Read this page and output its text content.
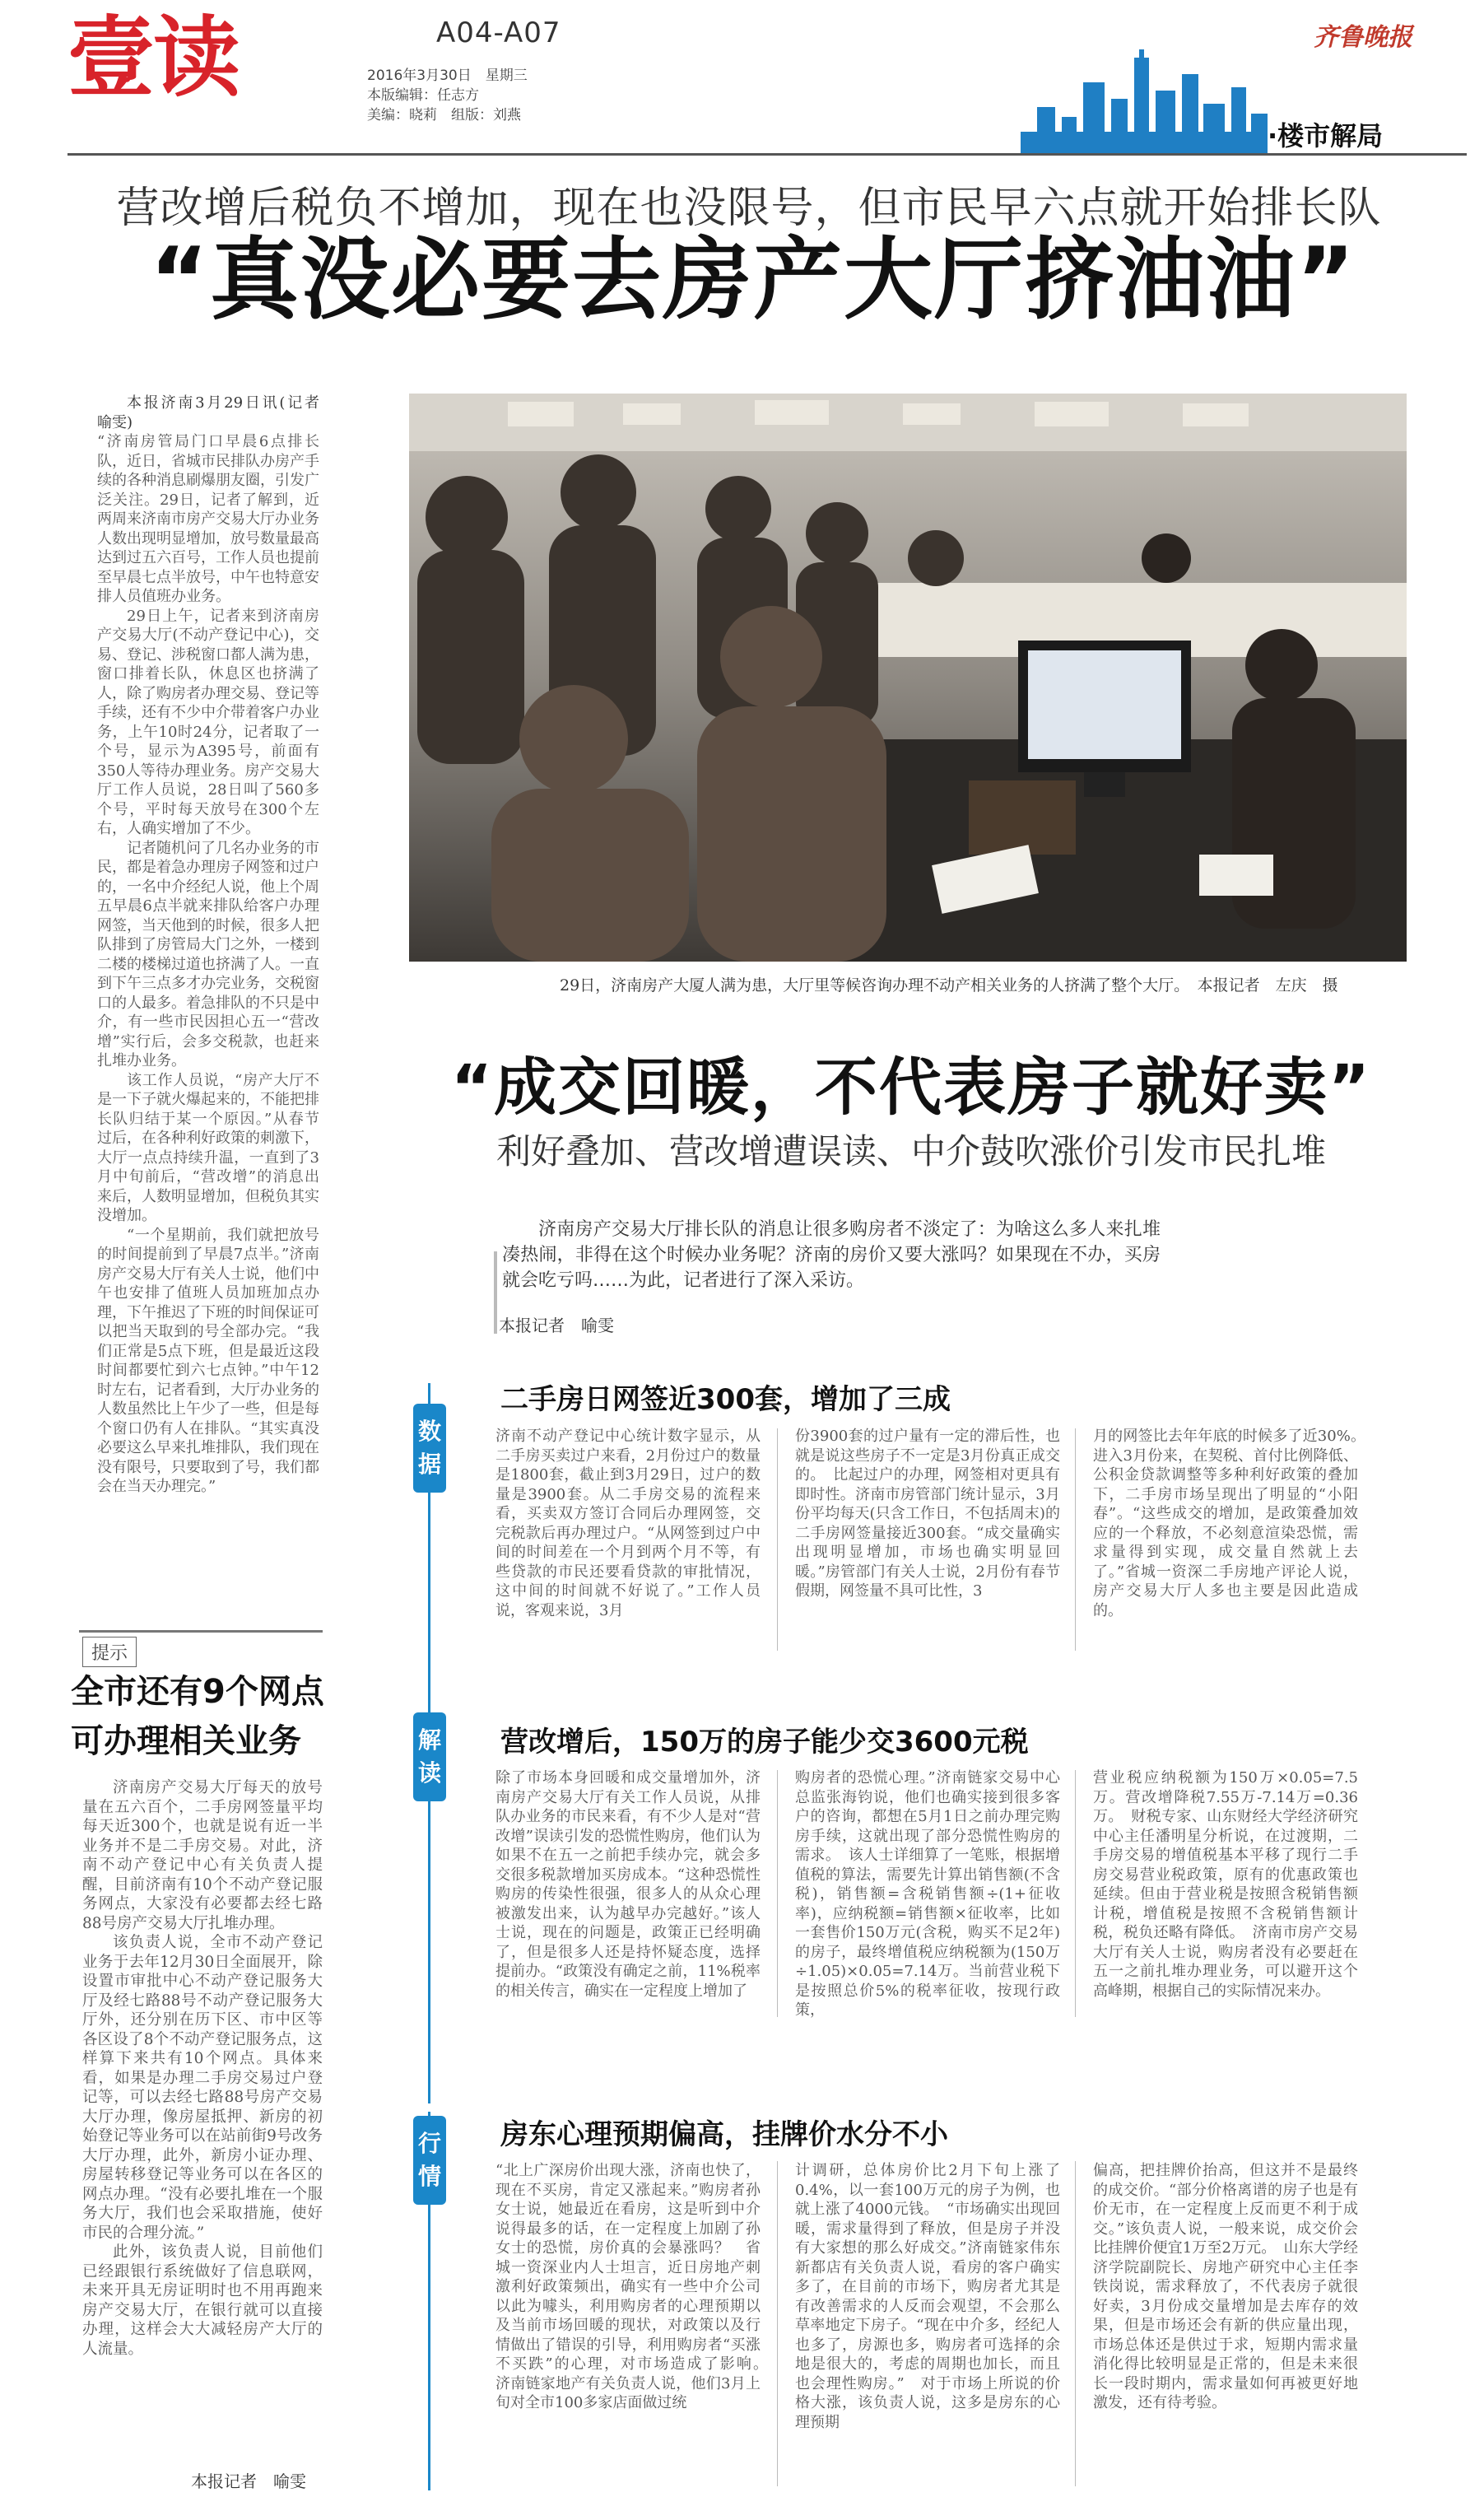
壹读	A04-A07
2016年3月30日　星期三
本版编辑：任志方
美编：晓莉　组版：刘燕
齐鲁晚报
·楼市解局
营改增后税负不增加，现在也没限号，但市民早六点就开始排长队
“真没必要去房产大厅挤油油”

本报济南3月29日讯(记者　喻雯)

“济南房管局门口早晨6点排长队，近日，省城市民排队办房产手续的各种消息刷爆朋友圈，引发广泛关注。29日，记者了解到，近两周来济南市房产交易大厅办业务人数出现明显增加，放号数量最高达到过五六百号，工作人员也提前至早晨七点半放号，中午也特意安排人员值班办业务。

29日上午，记者来到济南房产交易大厅(不动产登记中心)，交易、登记、涉税窗口都人满为患，窗口排着长队，休息区也挤满了人，除了购房者办理交易、登记等手续，还有不少中介带着客户办业务，上午10时24分，记者取了一个号，显示为A395号，前面有350人等待办理业务。房产交易大厅工作人员说，28日叫了560多个号，平时每天放号在300个左右，人确实增加了不少。

记者随机问了几名办业务的市民，都是着急办理房子网签和过户的，一名中介经纪人说，他上个周五早晨6点半就来排队给客户办理网签，当天他到的时候，很多人把队排到了房管局大门之外，一楼到二楼的楼梯过道也挤满了人。一直到下午三点多才办完业务，交税窗口的人最多。着急排队的不只是中介，有一些市民因担心五一“营改增”实行后，会多交税款，也赶来扎堆办业务。

该工作人员说，“房产大厅不是一下子就火爆起来的，不能把排长队归结于某一个原因。”从春节过后，在各种利好政策的刺激下，大厅一点点持续升温，一直到了3月中旬前后，“营改增”的消息出来后，人数明显增加，但税负其实没增加。

“一个星期前，我们就把放号的时间提前到了早晨7点半。”济南房产交易大厅有关人士说，他们中午也安排了值班人员加班加点办理，下午推迟了下班的时间保证可以把当天取到的号全部办完。“我们正常是5点下班，但是最近这段时间都要忙到六七点钟。”中午12时左右，记者看到，大厅办业务的人数虽然比上午少了一些，但是每个窗口仍有人在排队。“其实真没必要这么早来扎堆排队，我们现在没有限号，只要取到了号，我们都会在当天办理完。”

提示
全市还有9个网点可办理相关业务

济南房产交易大厅每天的放号量在五六百个，二手房网签量平均每天近300个，也就是说有近一半业务并不是二手房交易。对此，济南不动产登记中心有关负责人提醒，目前济南有10个不动产登记服务网点，大家没有必要都去经七路88号房产交易大厅扎堆办理。

该负责人说，全市不动产登记业务于去年12月30日全面展开，除设置市审批中心不动产登记服务大厅及经七路88号不动产登记服务大厅外，还分别在历下区、市中区等各区设了8个不动产登记服务点，这样算下来共有10个网点。具体来看，如果是办理二手房交易过户登记等，可以去经七路88号房产交易大厅办理，像房屋抵押、新房的初始登记等业务可以在站前街9号改务大厅办理，此外，新房小证办理、房屋转移登记等业务可以在各区的网点办理。“没有必要扎堆在一个服务大厅，我们也会采取措施，使好市民的合理分流。”

此外，该负责人说，目前他们已经跟银行系统做好了信息联网，未来开具无房证明时也不用再跑来房产交易大厅，在银行就可以直接办理，这样会大大减轻房产大厅的人流量。

本报记者　喻雯
29日，济南房产大厦人满为患，大厅里等候咨询办理不动产相关业务的人挤满了整个大厅。　本报记者　左庆　摄
“成交回暖，不代表房子就好卖”
利好叠加、营改增遭误读、中介鼓吹涨价引发市民扎堆

济南房产交易大厅排长队的消息让很多购房者不淡定了：为啥这么多人来扎堆凑热闹，非得在这个时候办业务呢？济南的房价又要大涨吗？如果现在不办，买房就会吃亏吗……为此，记者进行了深入采访。

本报记者　喻雯
数据
二手房日网签近300套，增加了三成
济南不动产登记中心统计数字显示，从二手房买卖过户来看，2月份过户的数量是1800套，截止到3月29日，过户的数量是3900套。从二手房交易的流程来看，买卖双方签订合同后办理网签，交完税款后再办理过户。“从网签到过户中间的时间差在一个月到两个月不等，有些贷款的市民还要看贷款的审批情况，这中间的时间就不好说了。”工作人员说，客观来说，3月
份3900套的过户量有一定的滞后性，也就是说这些房子不一定是3月份真正成交的。　比起过户的办理，网签相对更具有即时性。济南市房管部门统计显示，3月份平均每天(只含工作日，不包括周末)的二手房网签量接近300套。“成交量确实出现明显增加，市场也确实明显回暖。”房管部门有关人士说，2月份有春节假期，网签量不具可比性，3
月的网签比去年年底的时候多了近30%。　进入3月份来，在契税、首付比例降低、公积金贷款调整等多种利好政策的叠加下，二手房市场呈现出了明显的“小阳春”。“这些成交的增加，是政策叠加效应的一个释放，不必刻意渲染恐慌，需求量得到实现，成交量自然就上去了。”省城一资深二手房地产评论人说，房产交易大厅人多也主要是因此造成的。
解读
营改增后，150万的房子能少交3600元税
除了市场本身回暖和成交量增加外，济南房产交易大厅有关工作人员说，从排队办业务的市民来看，有不少人是对“营改增”误读引发的恐慌性购房，他们认为如果不在五一之前把手续办完，就会多交很多税款增加买房成本。“这种恐慌性购房的传染性很强，很多人的从众心理被激发出来，认为越早办完越好。”该人士说，现在的问题是，政策正已经明确了，但是很多人还是持怀疑态度，选择提前办。“政策没有确定之前，11%税率的相关传言，确实在一定程度上增加了
购房者的恐慌心理。”济南链家交易中心总监张海钧说，他们也确实接到很多客户的咨询，都想在5月1日之前办理完购房手续，这就出现了部分恐慌性购房的需求。　该人士详细算了一笔账，根据增值税的算法，需要先计算出销售额(不含税)，销售额=含税销售额÷(1+征收率)，应纳税额=销售额×征收率，比如一套售价150万元(含税，购买不足2年)的房子，最终增值税应纳税额为(150万÷1.05)×0.05=7.14万。当前营业税下是按照总价5%的税率征收，按现行政策，
营业税应纳税额为150万×0.05=7.5万。营改增降税7.55万-7.14万=0.36万。　财税专家、山东财经大学经济研究中心主任潘明星分析说，在过渡期，二手房交易的增值税基本平移了现行二手房交易营业税政策，原有的优惠政策也延续。但由于营业税是按照含税销售额计税，增值税是按照不含税销售额计税，税负还略有降低。　济南市房产交易大厅有关人士说，购房者没有必要赶在五一之前扎堆办理业务，可以避开这个高峰期，根据自己的实际情况来办。
行情
房东心理预期偏高，挂牌价水分不小
“北上广深房价出现大涨，济南也快了，现在不买房，肯定又涨起来。”购房者孙女士说，她最近在看房，这是听到中介说得最多的话，在一定程度上加剧了孙女士的恐慌，房价真的会暴涨吗？　省城一资深业内人士坦言，近日房地产刺激利好政策频出，确实有一些中介公司以此为噱头，利用购房者的心理预期以及当前市场回暖的现状，对政策以及行情做出了错误的引导，利用购房者“买涨不买跌”的心理，对市场造成了影响。　济南链家地产有关负责人说，他们3月上旬对全市100多家店面做过统
计调研，总体房价比2月下旬上涨了0.4%，以一套100万元的房子为例，也就上涨了4000元钱。　“市场确实出现回暖，需求量得到了释放，但是房子并没有大家想的那么好成交。”济南链家伟东新都店有关负责人说，看房的客户确实多了，在目前的市场下，购房者尤其是有改善需求的人反而会观望，不会那么草率地定下房子。“现在中介多，经纪人也多了，房源也多，购房者可选择的余地是很大的，考虑的周期也加长，而且也会理性购房。”　对于市场上所说的价格大涨，该负责人说，这多是房东的心理预期
偏高，把挂牌价抬高，但这并不是最终的成交价。“部分价格离谱的房子也是有价无市，在一定程度上反而更不利于成交。”该负责人说，一般来说，成交价会比挂牌价便宜1万至2万元。　山东大学经济学院副院长、房地产研究中心主任李铁岗说，需求释放了，不代表房子就很好卖，3月份成交量增加是去库存的效果，但是市场还会有新的供应量出现，市场总体还是供过于求，短期内需求量消化得比较明显是正常的，但是未来很长一段时期内，需求量如何再被更好地激发，还有待考验。
